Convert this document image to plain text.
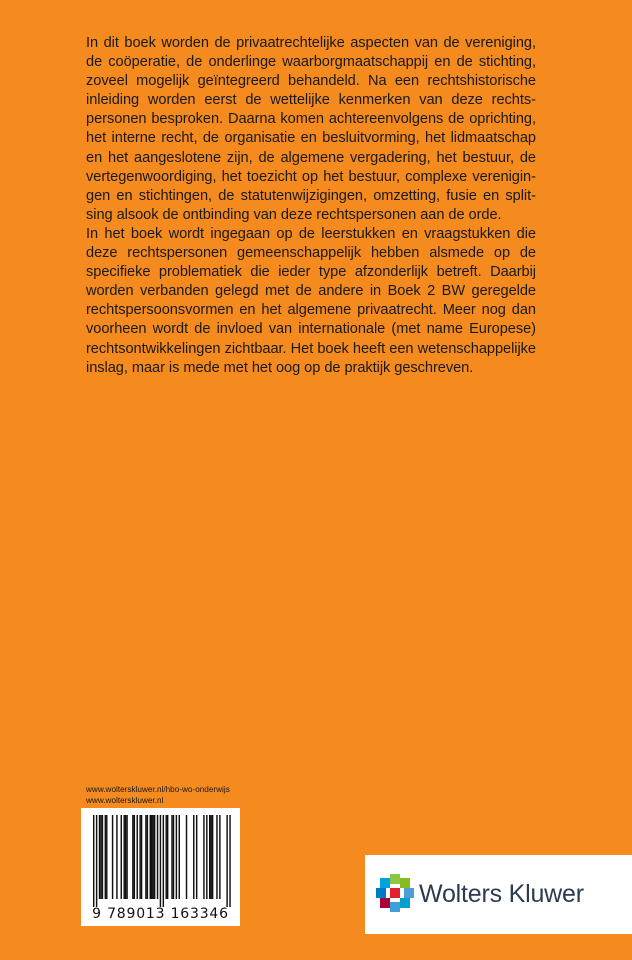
In dit boek worden de privaatrechtelijke aspecten van de vereniging, de coöperatie, de onderlinge waarborgmaatschappij en de stichting, zoveel mogelijk geïntegreerd behandeld. Na een rechtshistorische inleiding worden eerst de wettelijke kenmerken van deze rechtspersonen besproken. Daarna komen achtereenvolgens de oprichting, het interne recht, de organisatie en besluitvorming, het lidmaatschap en het aangeslotene zijn, de algemene vergadering, het bestuur, de vertegenwoordiging, het toezicht op het bestuur, complexe verenigingen en stichtingen, de statutenwijzigingen, omzetting, fusie en splitsing alsook de ontbinding van deze rechtspersonen aan de orde.

In het boek wordt ingegaan op de leerstukken en vraagstukken die deze rechtspersonen gemeenschappelijk hebben alsmede op de specifieke problematiek die ieder type afzonderlijk betreft. Daarbij worden verbanden gelegd met de andere in Boek 2 BW geregelde rechtspersoonsvormen en het algemene privaatrecht. Meer nog dan voorheen wordt de invloed van internationale (met name Europese) rechtsontwikkelingen zichtbaar. Het boek heeft een wetenschappelijke inslag, maar is mede met het oog op de praktijk geschreven.

www.wolterskluwer.nl/hbo-wo-onderwijs
www.wolterskluwer.nl
9 789013 163346
Wolters Kluwer
